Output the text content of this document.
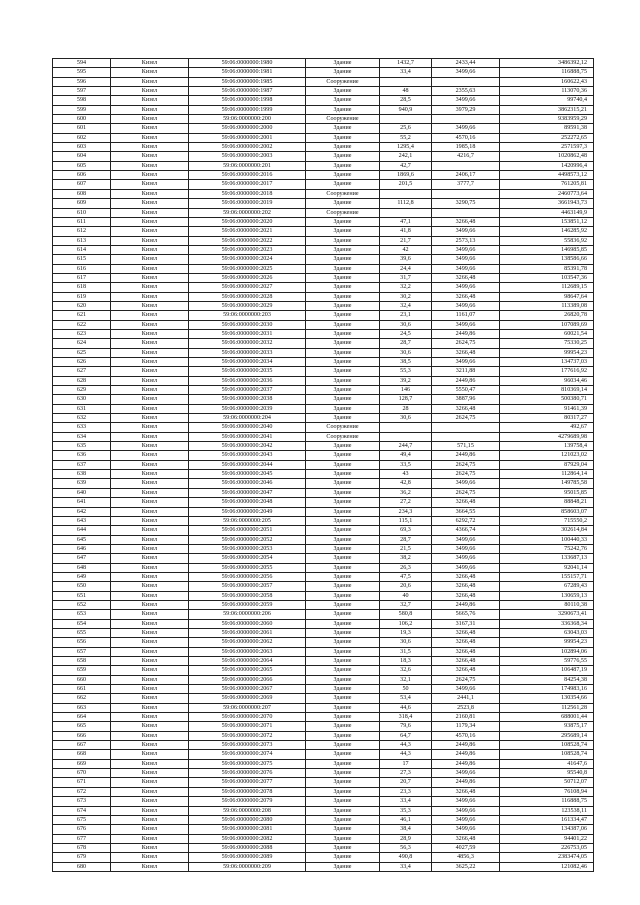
594	Кизел	59:06:0000000:1980	Здание	1432,7	2433,44	3486392,12
595	Кизел	59:06:0000000:1981	Здание	33,4	3499,66	116888,75
596	Кизел	59:06:0000000:1985	Сооружение			160622,43
597	Кизел	59:06:0000000:1987	Здание	48	2355,63	113070,36
598	Кизел	59:06:0000000:1998	Здание	28,5	3499,66	99740,4
599	Кизел	59:06:0000000:1999	Здание	940,9	3979,29	3862315,21
600	Кизел	59:06:0000000:200	Сооружение			9383959,29
601	Кизел	59:06:0000000:2000	Здание	25,6	3499,66	89591,38
602	Кизел	59:06:0000000:2001	Здание	55,2	4570,16	252272,65
603	Кизел	59:06:0000000:2002	Здание	1295,4	1985,18	2571597,3
604	Кизел	59:06:0000000:2003	Здание	242,1	4216,7	1020862,48
605	Кизел	59:06:0000000:201	Здание	42,7		1420996,4
606	Кизел	59:06:0000000:2016	Здание	1869,6	2406,17	4498573,12
607	Кизел	59:06:0000000:2017	Здание	201,5	3777,7	761205,81
608	Кизел	59:06:0000000:2018	Сооружение			2460773,64
609	Кизел	59:06:0000000:2019	Здание	1112,8	3290,75	3661943,73
610	Кизел	59:06:0000000:202	Сооружение			4463149,9
611	Кизел	59:06:0000000:2020	Здание	47,1	3266,48	153851,12
612	Кизел	59:06:0000000:2021	Здание	41,8	3499,66	146285,92
613	Кизел	59:06:0000000:2022	Здание	21,7	2573,13	55836,92
614	Кизел	59:06:0000000:2023	Здание	42	3499,66	146985,85
615	Кизел	59:06:0000000:2024	Здание	39,6	3499,66	138586,66
616	Кизел	59:06:0000000:2025	Здание	24,4	3499,66	85391,78
617	Кизел	59:06:0000000:2026	Здание	31,7	3266,48	103547,36
618	Кизел	59:06:0000000:2027	Здание	32,2	3499,66	112689,15
619	Кизел	59:06:0000000:2028	Здание	30,2	3266,48	98647,64
620	Кизел	59:06:0000000:2029	Здание	32,4	3499,66	113389,08
621	Кизел	59:06:0000000:203	Здание	23,1	1161,07	26820,78
622	Кизел	59:06:0000000:2030	Здание	30,6	3499,66	107089,69
623	Кизел	59:06:0000000:2031	Здание	24,5	2449,86	60021,54
624	Кизел	59:06:0000000:2032	Здание	28,7	2624,75	75330,25
625	Кизел	59:06:0000000:2033	Здание	30,6	3266,48	99954,23
626	Кизел	59:06:0000000:2034	Здание	38,5	3499,66	134737,03
627	Кизел	59:06:0000000:2035	Здание	55,3	3211,88	177616,92
628	Кизел	59:06:0000000:2036	Здание	39,2	2449,86	96034,46
629	Кизел	59:06:0000000:2037	Здание	146	5550,47	810369,14
630	Кизел	59:06:0000000:2038	Здание	128,7	3887,96	500380,71
631	Кизел	59:06:0000000:2039	Здание	28	3266,48	91461,39
632	Кизел	59:06:0000000:204	Здание	30,6	2624,75	80317,27
633	Кизел	59:06:0000000:2040	Сооружение			492,67
634	Кизел	59:06:0000000:2041	Сооружение			4279689,98
635	Кизел	59:06:0000000:2042	Здание	244,7	571,15	139758,4
636	Кизел	59:06:0000000:2043	Здание	49,4	2449,86	121023,02
637	Кизел	59:06:0000000:2044	Здание	33,5	2624,75	87929,04
638	Кизел	59:06:0000000:2045	Здание	43	2624,75	112864,14
639	Кизел	59:06:0000000:2046	Здание	42,8	3499,66	149785,58
640	Кизел	59:06:0000000:2047	Здание	36,2	2624,75	95015,85
641	Кизел	59:06:0000000:2048	Здание	27,2	3266,48	88848,21
642	Кизел	59:06:0000000:2049	Здание	234,3	3664,55	858603,07
643	Кизел	59:06:0000000:205	Здание	115,1	6292,72	715550,2
644	Кизел	59:06:0000000:2051	Здание	69,3	4366,74	302614,84
645	Кизел	59:06:0000000:2052	Здание	28,7	3499,66	100440,33
646	Кизел	59:06:0000000:2053	Здание	21,5	3499,66	75242,76
647	Кизел	59:06:0000000:2054	Здание	38,2	3499,66	133687,13
648	Кизел	59:06:0000000:2055	Здание	26,3	3499,66	92041,14
649	Кизел	59:06:0000000:2056	Здание	47,5	3266,48	155157,71
650	Кизел	59:06:0000000:2057	Здание	20,6	3266,48	67289,43
651	Кизел	59:06:0000000:2058	Здание	40	3266,48	130659,13
652	Кизел	59:06:0000000:2059	Здание	32,7	2449,86	80110,38
653	Кизел	59:06:0000000:206	Здание	580,8	5665,76	3290673,41
654	Кизел	59:06:0000000:2060	Здание	106,2	3167,31	336368,34
655	Кизел	59:06:0000000:2061	Здание	19,3	3266,48	63043,03
656	Кизел	59:06:0000000:2062	Здание	30,6	3266,48	99954,23
657	Кизел	59:06:0000000:2063	Здание	31,5	3266,48	102894,06
658	Кизел	59:06:0000000:2064	Здание	18,3	3266,48	59776,55
659	Кизел	59:06:0000000:2065	Здание	32,6	3266,48	106487,19
660	Кизел	59:06:0000000:2066	Здание	32,1	2624,75	84254,38
661	Кизел	59:06:0000000:2067	Здание	50	3499,66	174983,16
662	Кизел	59:06:0000000:2069	Здание	53,4	2441,1	130354,66
663	Кизел	59:06:0000000:207	Здание	44,6	2523,8	112561,28
664	Кизел	59:06:0000000:2070	Здание	318,4	2160,81	688001,44
665	Кизел	59:06:0000000:2071	Здание	79,6	1179,34	93875,17
666	Кизел	59:06:0000000:2072	Здание	64,7	4570,16	295689,14
667	Кизел	59:06:0000000:2073	Здание	44,3	2449,86	108528,74
668	Кизел	59:06:0000000:2074	Здание	44,3	2449,86	108528,74
669	Кизел	59:06:0000000:2075	Здание	17	2449,86	41647,6
670	Кизел	59:06:0000000:2076	Здание	27,3	3499,66	95540,8
671	Кизел	59:06:0000000:2077	Здание	20,7	2449,86	50712,07
672	Кизел	59:06:0000000:2078	Здание	23,3	3266,48	76108,94
673	Кизел	59:06:0000000:2079	Здание	33,4	3499,66	116888,75
674	Кизел	59:06:0000000:208	Здание	35,3	3499,66	123538,11
675	Кизел	59:06:0000000:2080	Здание	46,1	3499,66	161334,47
676	Кизел	59:06:0000000:2081	Здание	38,4	3499,66	134387,06
677	Кизел	59:06:0000000:2082	Здание	28,9	3266,48	94401,22
678	Кизел	59:06:0000000:2088	Здание	56,3	4027,59	226753,05
679	Кизел	59:06:0000000:2089	Здание	490,8	4856,3	2383474,05
680	Кизел	59:06:0000000:209	Здание	33,4	3625,22	121082,46
